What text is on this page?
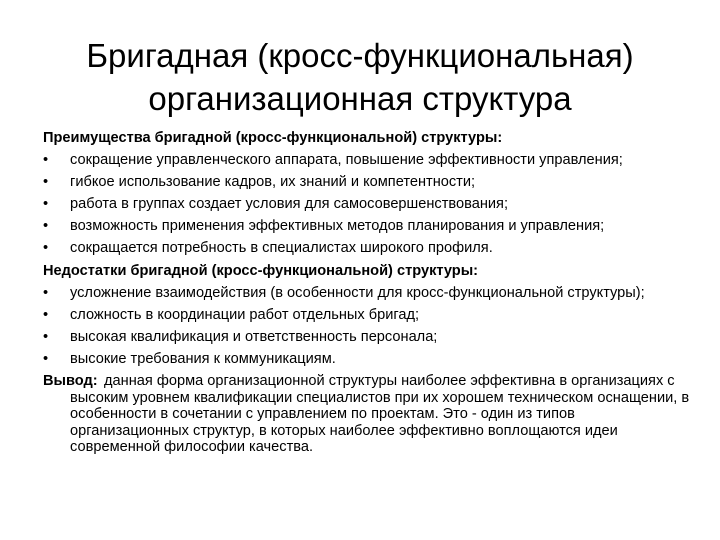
Бригадная (кросс-функциональная) организационная структура
Преимущества бригадной (кросс-функциональной) структуры:
• сокращение управленческого аппарата, повышение эффективности управления;
• гибкое использование кадров, их знаний и компетентности;
• работа в группах создает условия для самосовершенствования;
• возможность применения эффективных методов планирования и управления;
• сокращается потребность в специалистах широкого профиля.
Недостатки бригадной (кросс-функциональной) структуры:
• усложнение взаимодействия (в особенности для кросс-функциональной структуры);
• сложность в координации работ отдельных бригад;
• высокая квалификация и ответственность персонала;
• высокие требования к коммуникациям.

Вывод: данная форма организационной структуры наиболее эффективна в организациях с высоким уровнем квалификации специалистов при их хорошем техническом оснащении, в особенности в сочетании с управлением по проектам. Это - один из типов организационных структур, в которых наиболее эффективно воплощаются идеи современной философии качества.
